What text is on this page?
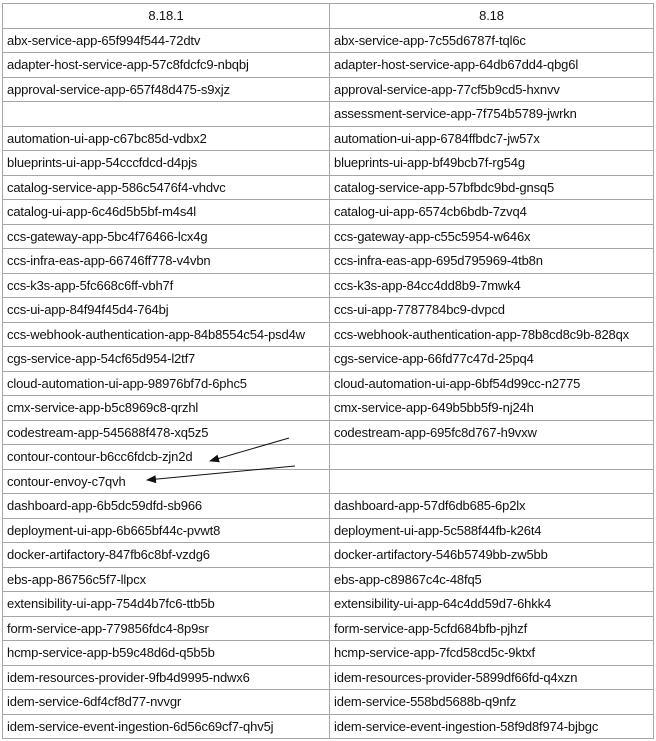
8.18.1	8.18
abx-service-app-65f994f544-72dtv	abx-service-app-7c55d6787f-tql6c
adapter-host-service-app-57c8fdcfc9-nbqbj	adapter-host-service-app-64db67dd4-qbg6l
approval-service-app-657f48d475-s9xjz	approval-service-app-77cf5b9cd5-hxnvv
	assessment-service-app-7f754b5789-jwrkn
automation-ui-app-c67bc85d-vdbx2	automation-ui-app-6784ffbdc7-jw57x
blueprints-ui-app-54cccfdcd-d4pjs	blueprints-ui-app-bf49bcb7f-rg54g
catalog-service-app-586c5476f4-vhdvc	catalog-service-app-57bfbdc9bd-gnsq5
catalog-ui-app-6c46d5b5bf-m4s4l	catalog-ui-app-6574cb6bdb-7zvq4
ccs-gateway-app-5bc4f76466-lcx4g	ccs-gateway-app-c55c5954-w646x
ccs-infra-eas-app-66746ff778-v4vbn	ccs-infra-eas-app-695d795969-4tb8n
ccs-k3s-app-5fc668c6ff-vbh7f	ccs-k3s-app-84cc4dd8b9-7mwk4
ccs-ui-app-84f94f45d4-764bj	ccs-ui-app-7787784bc9-dvpcd
ccs-webhook-authentication-app-84b8554c54-psd4w	ccs-webhook-authentication-app-78b8cd8c9b-828qx
cgs-service-app-54cf65d954-l2tf7	cgs-service-app-66fd77c47d-25pq4
cloud-automation-ui-app-98976bf7d-6phc5	cloud-automation-ui-app-6bf54d99cc-n2775
cmx-service-app-b5c8969c8-qrzhl	cmx-service-app-649b5bb5f9-nj24h
codestream-app-545688f478-xq5z5	codestream-app-695fc8d767-h9vxw
contour-contour-b6cc6fdcb-zjn2d	
contour-envoy-c7qvh	
dashboard-app-6b5dc59dfd-sb966	dashboard-app-57df6db685-6p2lx
deployment-ui-app-6b665bf44c-pvwt8	deployment-ui-app-5c588f44fb-k26t4
docker-artifactory-847fb6c8bf-vzdg6	docker-artifactory-546b5749bb-zw5bb
ebs-app-86756c5f7-llpcx	ebs-app-c89867c4c-48fq5
extensibility-ui-app-754d4b7fc6-ttb5b	extensibility-ui-app-64c4dd59d7-6hkk4
form-service-app-779856fdc4-8p9sr	form-service-app-5cfd684bfb-pjhzf
hcmp-service-app-b59c48d6d-q5b5b	hcmp-service-app-7fcd58cd5c-9ktxf
idem-resources-provider-9fb4d9995-ndwx6	idem-resources-provider-5899df66fd-q4xzn
idem-service-6df4cf8d77-nvvgr	idem-service-558bd5688b-q9nfz
idem-service-event-ingestion-6d56c69cf7-qhv5j	idem-service-event-ingestion-58f9d8f974-bjbgc
